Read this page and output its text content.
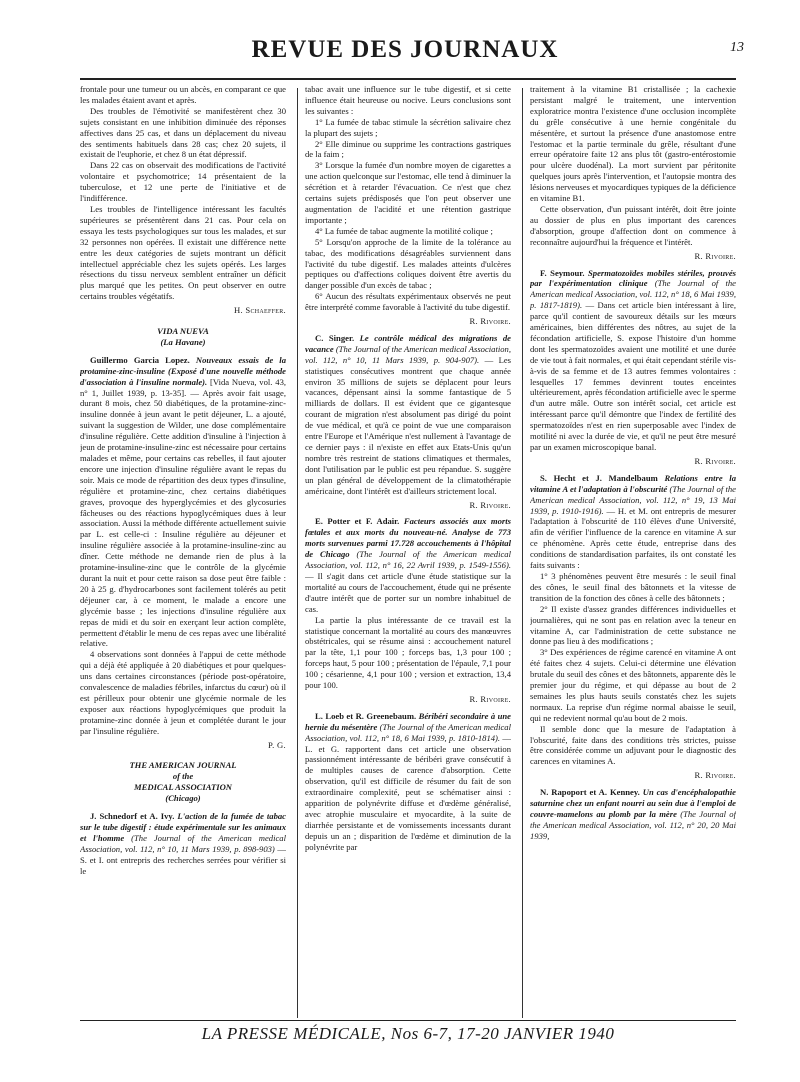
REVUE DES JOURNAUX	13

frontale pour une tumeur ou un abcès, en comparant ce que les malades étaient avant et après.

Des troubles de l'émotivité se manifestèrent chez 30 sujets consistant en une inhibition diminuée des réponses affectives dans 25 cas, et dans un déplacement du niveau des sentiments habituels dans 28 cas; chez 20 sujets, il existait de l'euphorie, et chez 8 un état dépressif.

Dans 22 cas on observait des modifications de l'activité volontaire et psychomotrice; 14 présentaient de la tuberculose, et 12 une perte de l'initiative et de l'indifférence.

Les troubles de l'intelligence intéressant les facultés supérieures se présentèrent dans 21 cas. Pour cela on essaya les tests psychologiques sur tous les malades, et sur 32 personnes non opérées. Il existait une différence nette entre les deux catégories de sujets montrant un déficit intellectuel appréciable chez les sujets opérés. Les larges résections du tissu nerveux semblent entraîner un déficit plus marqué que les petites. On peut observer en outre certains troubles végétatifs.

H. Schaeffer.
VIDA NUEVA
(La Havane)

Guillermo Garcia Lopez. Nouveaux essais de la protamine-zinc-insuline (Exposé d'une nouvelle méthode d'association à l'insuline normale). [Vida Nueva, vol. 43, n° 1, Juillet 1939, p. 13-35]. — Après avoir fait usage, durant 8 mois, chez 50 diabétiques, de la protamine-zinc-insuline donnée à jeun avant le petit déjeuner, L. a ajouté, suivant la suggestion de Wilder, une dose complémentaire d'insuline régulière. Cette addition d'insuline à l'injection à jeun de protamine-insuline-zinc est nécessaire pour certains malades et même, pour certains cas rebelles, il faut ajouter encore une injection d'insuline régulière avant le repas du soir. Mais ce mode de répartition des deux types d'insuline, régulière et protamine-zinc, chez certains diabétiques graves, provoque des hyperglycémies et des glycosuries fâcheuses ou des réactions hypoglycémiques dues à leur association. Aussi la méthode différente actuellement suivie par L. est celle-ci : Insuline régulière au déjeuner et insuline régulière associée à la protamine-insuline-zinc au dîner. Cette méthode ne demande rien de plus à la protamine-insuline-zinc que le contrôle de la glycémie durant la nuit et pour cette raison sa dose peut être faible : 20 à 25 g. d'hydrocarbones sont facilement tolérés au petit déjeuner car, à ce moment, le malade a encore une glycémie basse ; les injections d'insuline régulière aux repas de midi et du soir en exerçant leur action complète, permettent d'établir le menu de ces repas avec une libéralité relative.

4 observations sont données à l'appui de cette méthode qui a déjà été appliquée à 20 diabétiques et pour quelques-uns dans certaines circonstances (période post-opératoire, convalescence de maladies fébriles, infarctus du cœur) où il est périlleux pour obtenir une glycémie normale de les exposer aux réactions hypoglycémiques que produit la protamine-zinc donnée à jeun et complétée durant le jour par l'insuline régulière.

P. G.
THE AMERICAN JOURNAL
of the
MEDICAL ASSOCIATION
(Chicago)

J. Schnedorf et A. Ivy. L'action de la fumée de tabac sur le tube digestif : étude expérimentale sur les animaux et l'homme (The Journal of the American medical Association, vol. 112, n° 10, 11 Mars 1939, p. 898-903) — S. et I. ont entrepris des recherches serrées pour vérifier si le

tabac avait une influence sur le tube digestif, et si cette influence était heureuse ou nocive. Leurs conclusions sont les suivantes :

1° La fumée de tabac stimule la sécrétion salivaire chez la plupart des sujets ;

2° Elle diminue ou supprime les contractions gastriques de la faim ;

3° Lorsque la fumée d'un nombre moyen de cigarettes a une action quelconque sur l'estomac, elle tend à diminuer la sécrétion et à retarder l'évacuation. Ce n'est que chez certains sujets prédisposés que l'on peut observer une augmentation de l'acidité et une rétention gastrique importante ;

4° La fumée de tabac augmente la motilité colique ;

5° Lorsqu'on approche de la limite de la tolérance au tabac, des modifications désagréables surviennent dans l'activité du tube digestif. Les malades atteints d'ulcères peptiques ou d'affections coliques doivent être avertis du danger possible d'un excès de tabac ;

6° Aucun des résultats expérimentaux observés ne peut être interprété comme favorable à l'activité du tube digestif.

R. Rivoire.

C. Singer. Le contrôle médical des migrations de vacance (The Journal of the American medical Association, vol. 112, n° 10, 11 Mars 1939, p. 904-907). — Les statistiques consécutives montrent que chaque année environ 35 millions de sujets se déplacent pour leurs vacances, dépensant ainsi la somme fantastique de 5 milliards de dollars. Il est évident que ce gigantesque courant de migration n'est absolument pas dirigé du point de vue médical, et qu'à ce point de vue une comparaison entre l'Europe et l'Amérique n'est nullement à l'avantage de ce dernier pays : il n'existe en effet aux Etats-Unis qu'un nombre très restreint de stations climatiques et thermales, dont l'utilisation par le public est peu répandue. S. suggère un plan général de développement de la climatothérapie américaine, dont l'intérêt est d'ailleurs strictement local.

R. Rivoire.

E. Potter et F. Adair. Facteurs associés aux morts fœtales et aux morts du nouveau-né. Analyse de 773 morts survenues parmi 17.728 accouchements à l'hôpital de Chicago (The Journal of the American medical Association, vol. 112, n° 16, 22 Avril 1939, p. 1549-1556). — Il s'agit dans cet article d'une étude statistique sur la mortalité au cours de l'accouchement, étude qui ne présente d'autre intérêt que de porter sur un nombre inhabituel de cas.

La partie la plus intéressante de ce travail est la statistique concernant la mortalité au cours des manœuvres obstétricales, qui se résume ainsi : accouchement naturel par la tête, 1,1 pour 100 ; forceps bas, 1,3 pour 100 ; forceps haut, 5 pour 100 ; présentation de l'épaule, 7,1 pour 100 ; césarienne, 4,1 pour 100 ; version et extraction, 13,4 pour 100.

R. Rivoire.

L. Loeb et R. Greenebaum. Béribéri secondaire à une hernie du mésentère (The Journal of the American medical Association, vol. 112, n° 18, 6 Mai 1939, p. 1810-1814). — L. et G. rapportent dans cet article une observation passionnément intéressante de béribéri grave consécutif à de multiples causes de carence d'absorption. Cette observation, qu'il est difficile de résumer du fait de son extraordinaire complexité, peut se schématiser ainsi : apparition de polynévrite diffuse et d'œdème généralisé, avec atrophie musculaire et myocardite, à la suite de diarrhée persistante et de vomissements incessants durant depuis un an ; disparition de l'œdème et diminution de la polynévrite par

traitement à la vitamine B1 cristallisée ; la cachexie persistant malgré le traitement, une intervention exploratrice montra l'existence d'une occlusion incomplète du grêle consécutive à une hernie congénitale du mésentère, et surtout la présence d'une anastomose entre l'estomac et la partie terminale du grêle, résultant d'une erreur opératoire faite 12 ans plus tôt (gastro-entérostomie pour ulcère duodénal). La mort survient par péritonite quelques jours après l'intervention, et l'autopsie montra des lésions nerveuses et myocardiques typiques de la déficience en vitamine B1.

Cette observation, d'un puissant intérêt, doit être jointe au dossier de plus en plus important des carences d'absorption, groupe d'affection dont on commence à reconnaître aujourd'hui la fréquence et l'intérêt.

R. Rivoire.

F. Seymour. Spermatozoïdes mobiles stériles, prouvés par l'expérimentation clinique (The Journal of the American medical Association, vol. 112, n° 18, 6 Mai 1939, p. 1817-1819). — Dans cet article bien intéressant à lire, parce qu'il contient de savoureux détails sur les mœurs américaines, bien différentes des nôtres, au sujet de la fécondation artificielle, S. expose l'histoire d'un homme dont les spermatozoïdes avaient une motilité et une durée de vie tout à fait normales, et qui était cependant stérile vis-à-vis de sa femme et de 13 autres femmes volontaires : lesquelles 17 femmes devinrent toutes enceintes ultérieurement, après fécondation artificielle avec le sperme d'un autre mâle. Outre son intérêt social, cet article est intéressant parce qu'il démontre que l'index de fertilité des spermatozoïdes n'est en rien superposable avec l'index de motilité ni avec la durée de vie, et qu'il ne peut être mesuré par un examen microscopique banal.

R. Rivoire.

S. Hecht et J. Mandelbaum Relations entre la vitamine A et l'adaptation à l'obscurité (The Journal of the American medical Association, vol. 112, n° 19, 13 Mai 1939, p. 1910-1916). — H. et M. ont entrepris de mesurer l'adaptation à l'obscurité de 110 élèves d'une Université, afin de vérifier l'influence de la carence en vitamine A sur ce phénomène. Après cette étude, entreprise dans des conditions de standardisation parfaites, ils ont constaté les faits suivants :

1° 3 phénomènes peuvent être mesurés : le seuil final des cônes, le seuil final des bâtonnets et la vitesse de transition de la fonction des cônes à celle des bâtonnets ;

2° Il existe d'assez grandes différences individuelles et journalières, qui ne sont pas en relation avec la teneur en vitamine A, car l'administration de cette substance ne donne pas lieu à des modifications ;

3° Des expériences de régime carencé en vitamine A ont été faites chez 4 sujets. Celui-ci détermine une élévation brutale du seuil des cônes et des bâtonnets, apparente dès le premier jour du régime, et qui dépasse au bout de 2 semaines les plus hauts seuils constatés chez les sujets normaux. La reprise d'un régime normal abaisse le seuil, qui ne redevient normal qu'au bout de 2 mois.

Il semble donc que la mesure de l'adaptation à l'obscurité, faite dans des conditions très strictes, puisse être considérée comme un adjuvant pour le diagnostic des carences en vitamines A.

R. Rivoire.

N. Rapoport et A. Kenney. Un cas d'encéphalopathie saturnine chez un enfant nourri au sein due à l'emploi de couvre-mamelons au plomb par la mère (The Journal of the American medical Association, vol. 112, n° 20, 20 Mai 1939,

LA PRESSE MÉDICALE, Nos 6-7, 17-20 JANVIER 1940
